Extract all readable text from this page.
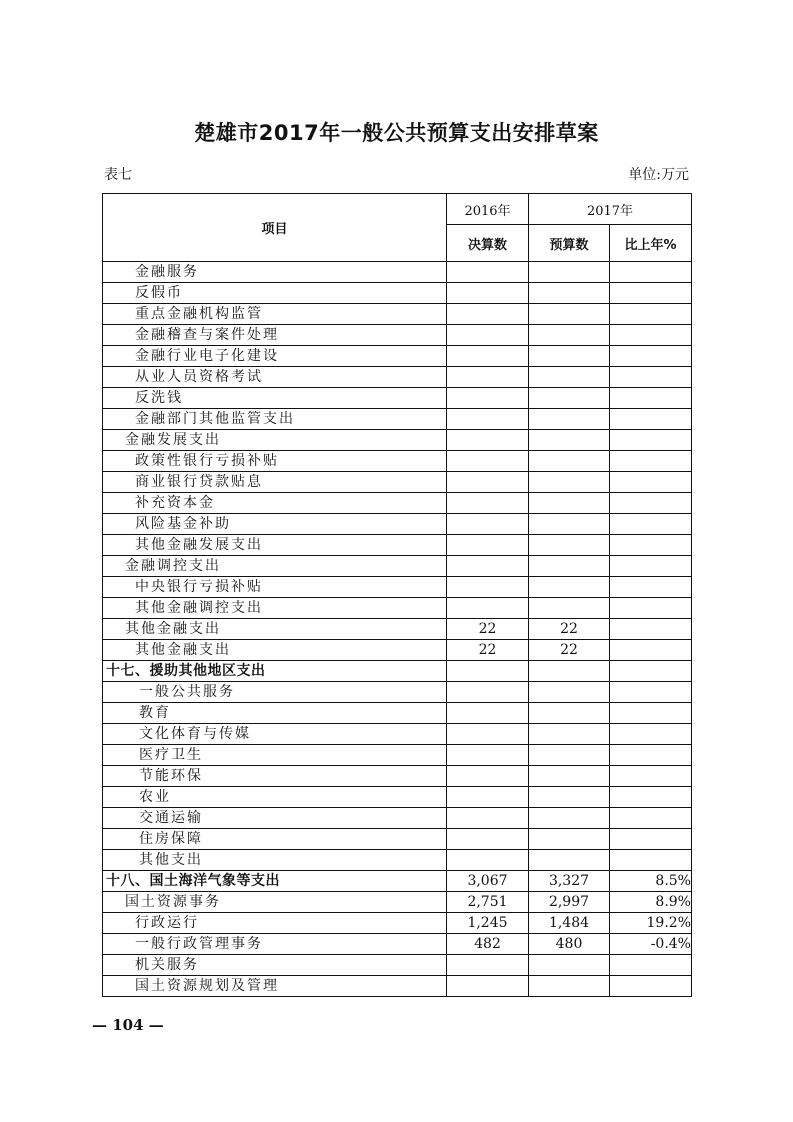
楚雄市2017年一般公共预算支出安排草案
表七	单位:万元
项目	2016年	2017年	
	决算数	预算数	比上年%
金融服务			
反假币			
重点金融机构监管			
金融稽查与案件处理			
金融行业电子化建设			
从业人员资格考试			
反洗钱			
金融部门其他监管支出			
金融发展支出			
政策性银行亏损补贴			
商业银行贷款贴息			
补充资本金			
风险基金补助			
其他金融发展支出			
金融调控支出			
中央银行亏损补贴			
其他金融调控支出			
其他金融支出	22	22	
其他金融支出	22	22	
十七、援助其他地区支出			
一般公共服务			
教育			
文化体育与传媒			
医疗卫生			
节能环保			
农业			
交通运输			
住房保障			
其他支出			
十八、国土海洋气象等支出	3,067	3,327	8.5%
国土资源事务	2,751	2,997	8.9%
行政运行	1,245	1,484	19.2%
一般行政管理事务	482	480	-0.4%
机关服务			
国土资源规划及管理			
— 104 —
